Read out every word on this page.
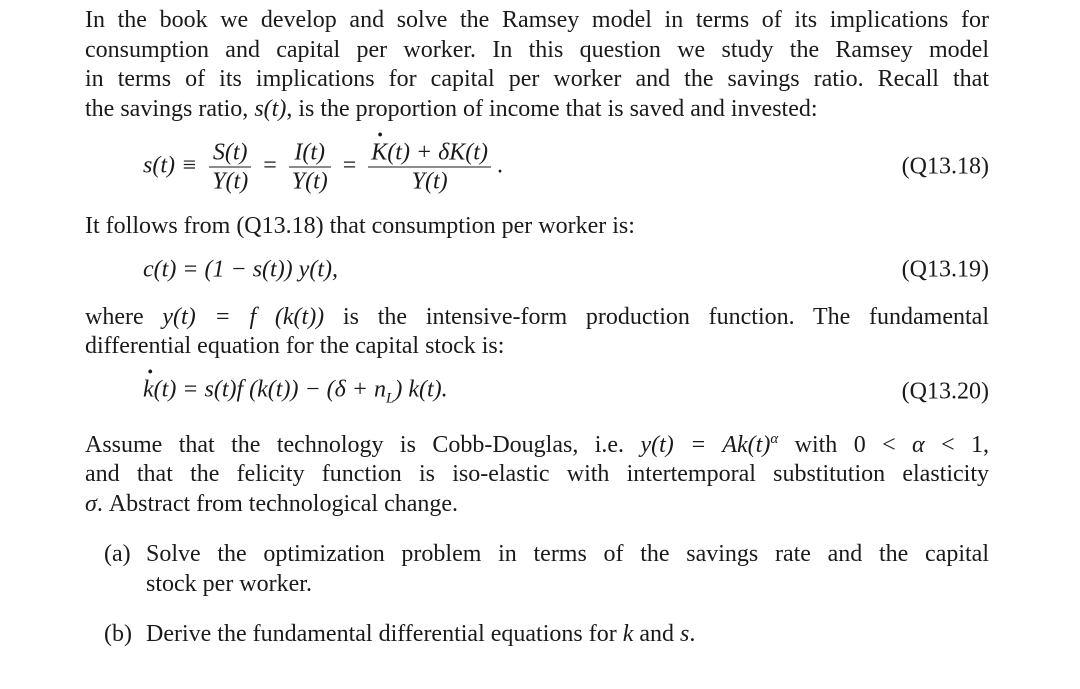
In the book we develop and solve the Ramsey model in terms of its implications for
consumption and capital per worker. In this question we study the Ramsey model
in terms of its implications for capital per worker and the savings ratio. Recall that
the savings ratio, s(t), is the proportion of income that is saved and invested:

$s(t) \equiv \frac{S(t)}{Y(t)} = \frac{I(t)}{Y(t)}$ =
· $\frac{K(t) + \delta K(t)}{Y(t)}$ .	(Q13.18)

It follows from (Q13.18) that consumption per worker is:

c(t) = (1 − s(t)) y(t),	(Q13.19)

where y(t) = f (k(t)) is the intensive-form production function. The fundamental
differential equation for the capital stock is:

· k(t) = s(t)f $(k(t)) - (\delta + n_L)$ k(t).	(Q13.20)

Assume that the technology is Cobb-Douglas, i.e. $y(t) = Ak(t)^\alpha$ with 0 < α < 1,
and that the felicity function is iso-elastic with intertemporal substitution elasticity
σ. Abstract from technological change.

(a) Solve the optimization problem in terms of the savings rate and the capital
stock per worker.
(b) Derive the fundamental differential equations for k and s.
